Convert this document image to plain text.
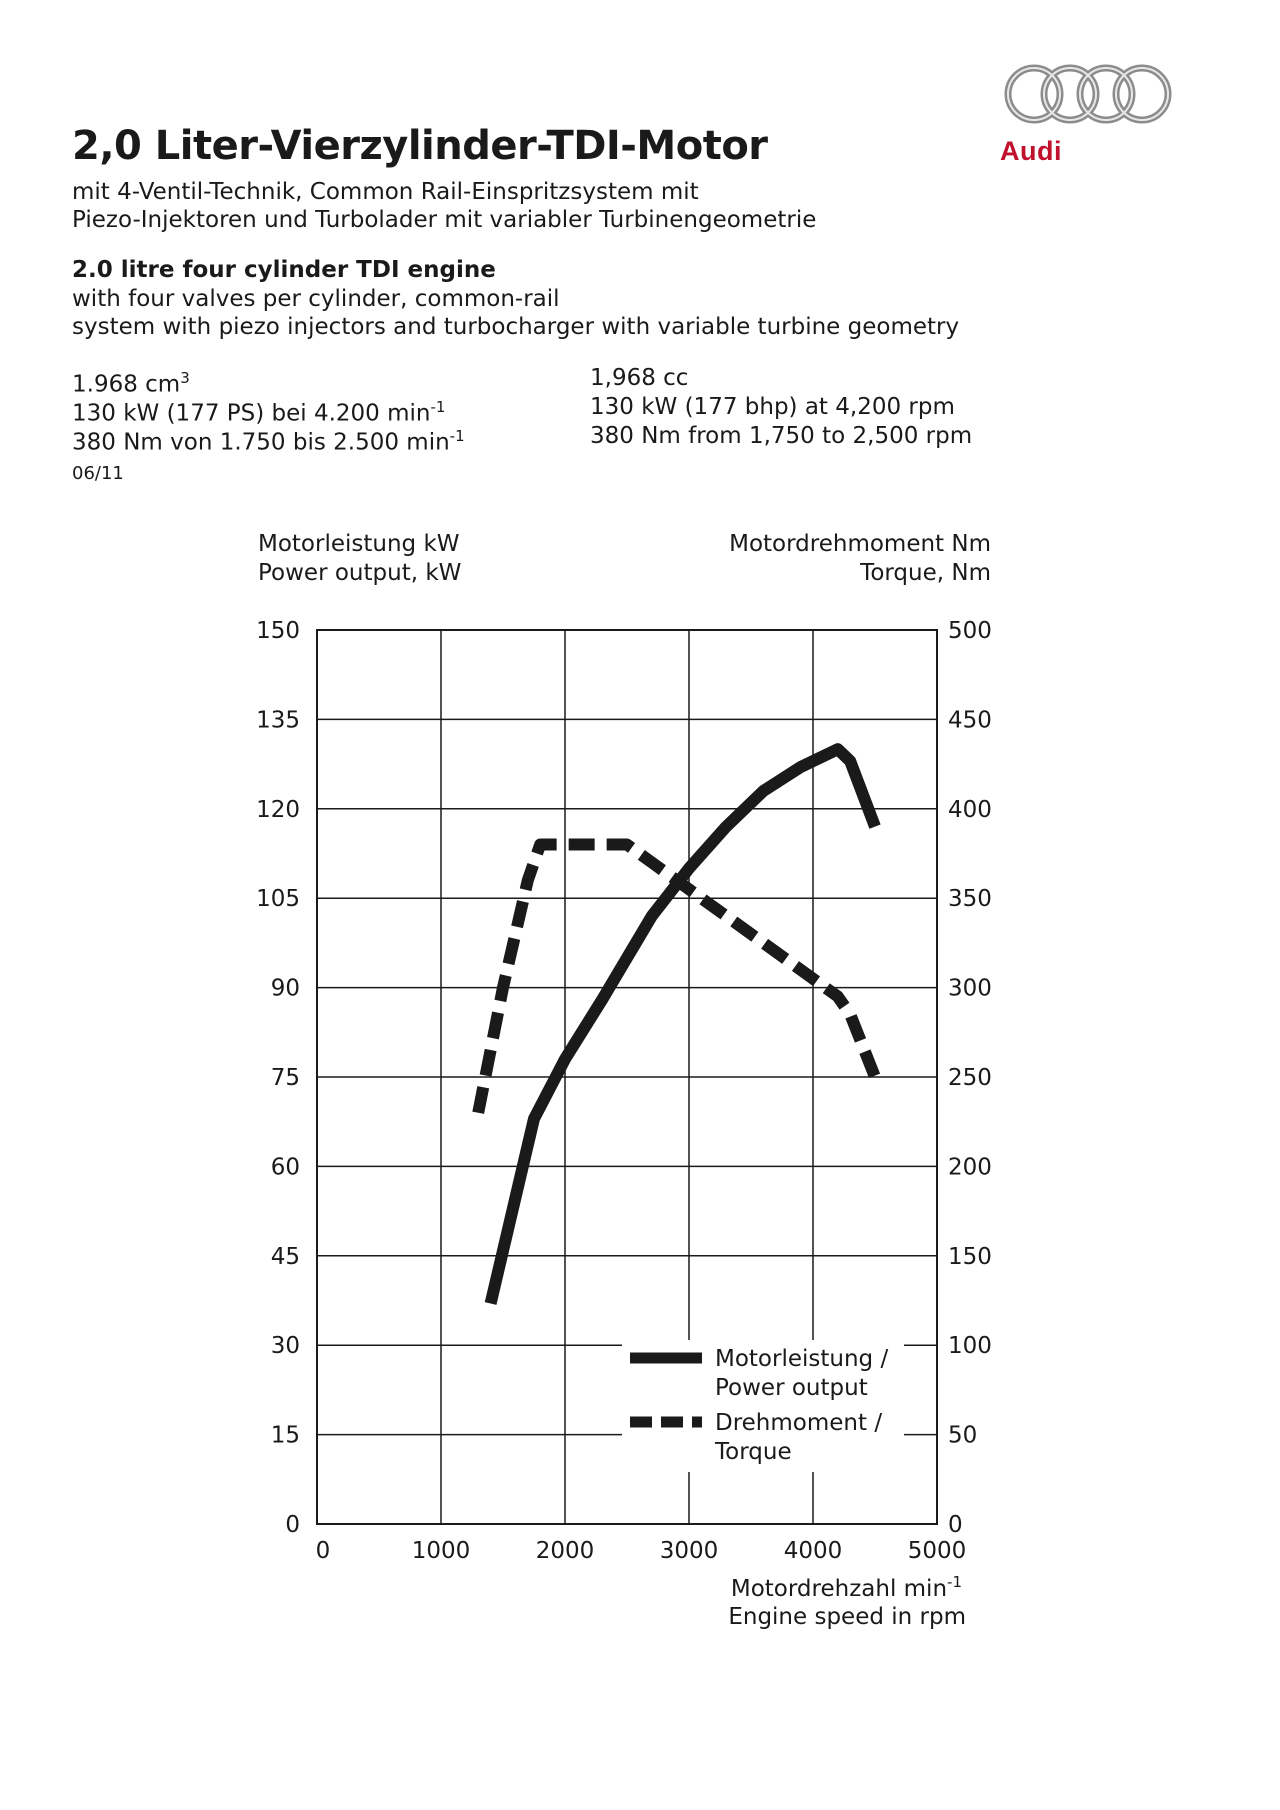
2,0 Liter-Vierzylinder-TDI-Motor
mit 4-Ventil-Technik, Common Rail-Einspritzsystem mit
Piezo-Injektoren und Turbolader mit variabler Turbinengeometrie
2.0 litre four cylinder TDI engine
with four valves per cylinder, common-rail
system with piezo injectors and turbocharger with variable turbine geometry
1.968 $cm^3$
130 kW (177 PS) bei 4.200 $\min^{-1}$
380 Nm von 1.750 bis 2.500 $\min^{-1}$
1,968 cc
130 kW (177 bhp) at 4,200 rpm
380 Nm from 1,750 to 2,500 rpm
06/11
Audi
Motorleistung /
Power output
Drehmoment /
Torque
0	0
15	50
30	100
45	150
60	200
75	250
90	300
105	350
120	400
135	450
150	500
0	1000	2000	3000	4000	5000
Motorleistung kW
Power output, kW
Motordrehmoment Nm
Torque, Nm
Motordrehzahl $\min^{-1}$
Engine speed in rpm
